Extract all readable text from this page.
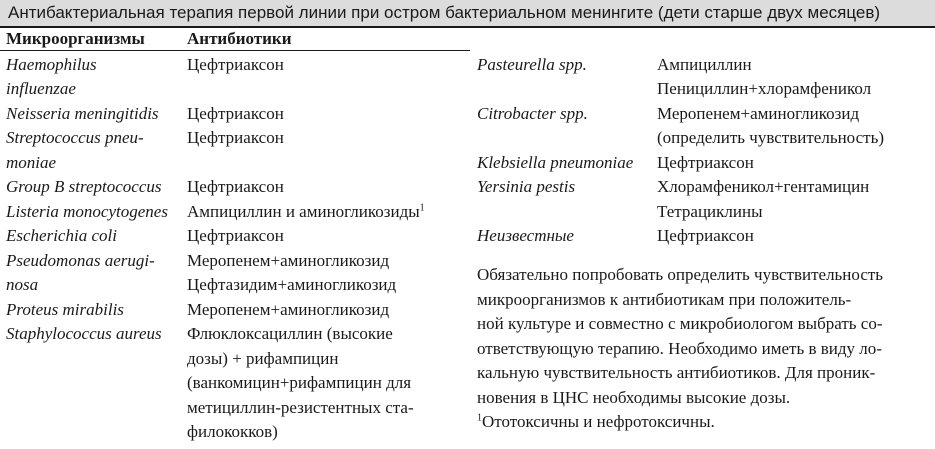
Антибактериальная терапия первой линии при остром бактериальном менингите (дети старше двух месяцев)
Микроорганизмы Антибиотики
Haemophilus
influenzae
Neisseria meningitidis
Streptococcus pneu-
moniae
Group B streptococcus
Listeria monocytogenes
Escherichia coli
Pseudomonas aerugi-
nosa
Proteus mirabilis
Staphylococcus aureus
Цефтриаксон
Цефтриаксон
Цефтриаксон
Цефтриаксон
Ампициллин и аминогликозиды$^1$
Цефтриаксон
Меропенем+аминогликозид
Цефтазидим+аминогликозид
Меропенем+аминогликозид
Флюклоксациллин (высокие
дозы) + рифампицин
(ванкомицин+рифампицин для
метициллин-резистентных ста-
филококков)
Pasteurella spp.
Citrobacter spp.
Klebsiella pneumoniae
Yersinia pestis
Неизвестные
Ампициллин
Пенициллин+хлорамфеникол
Меропенем+аминогликозид
(определить чувствительность)
Цефтриаксон
Хлорамфеникол+гентамицин
Тетрациклины
Цефтриаксон
Обязательно попробовать определить чувствительность
микроорганизмов к антибиотикам при положитель-
ной культуре и совместно с микробиологом выбрать со-
ответствующую терапию. Необходимо иметь в виду ло-
кальную чувствительность антибиотиков. Для проник-
новения в ЦНС необходимы высокие дозы.
$^1$Ототоксичны и нефротоксичны.
